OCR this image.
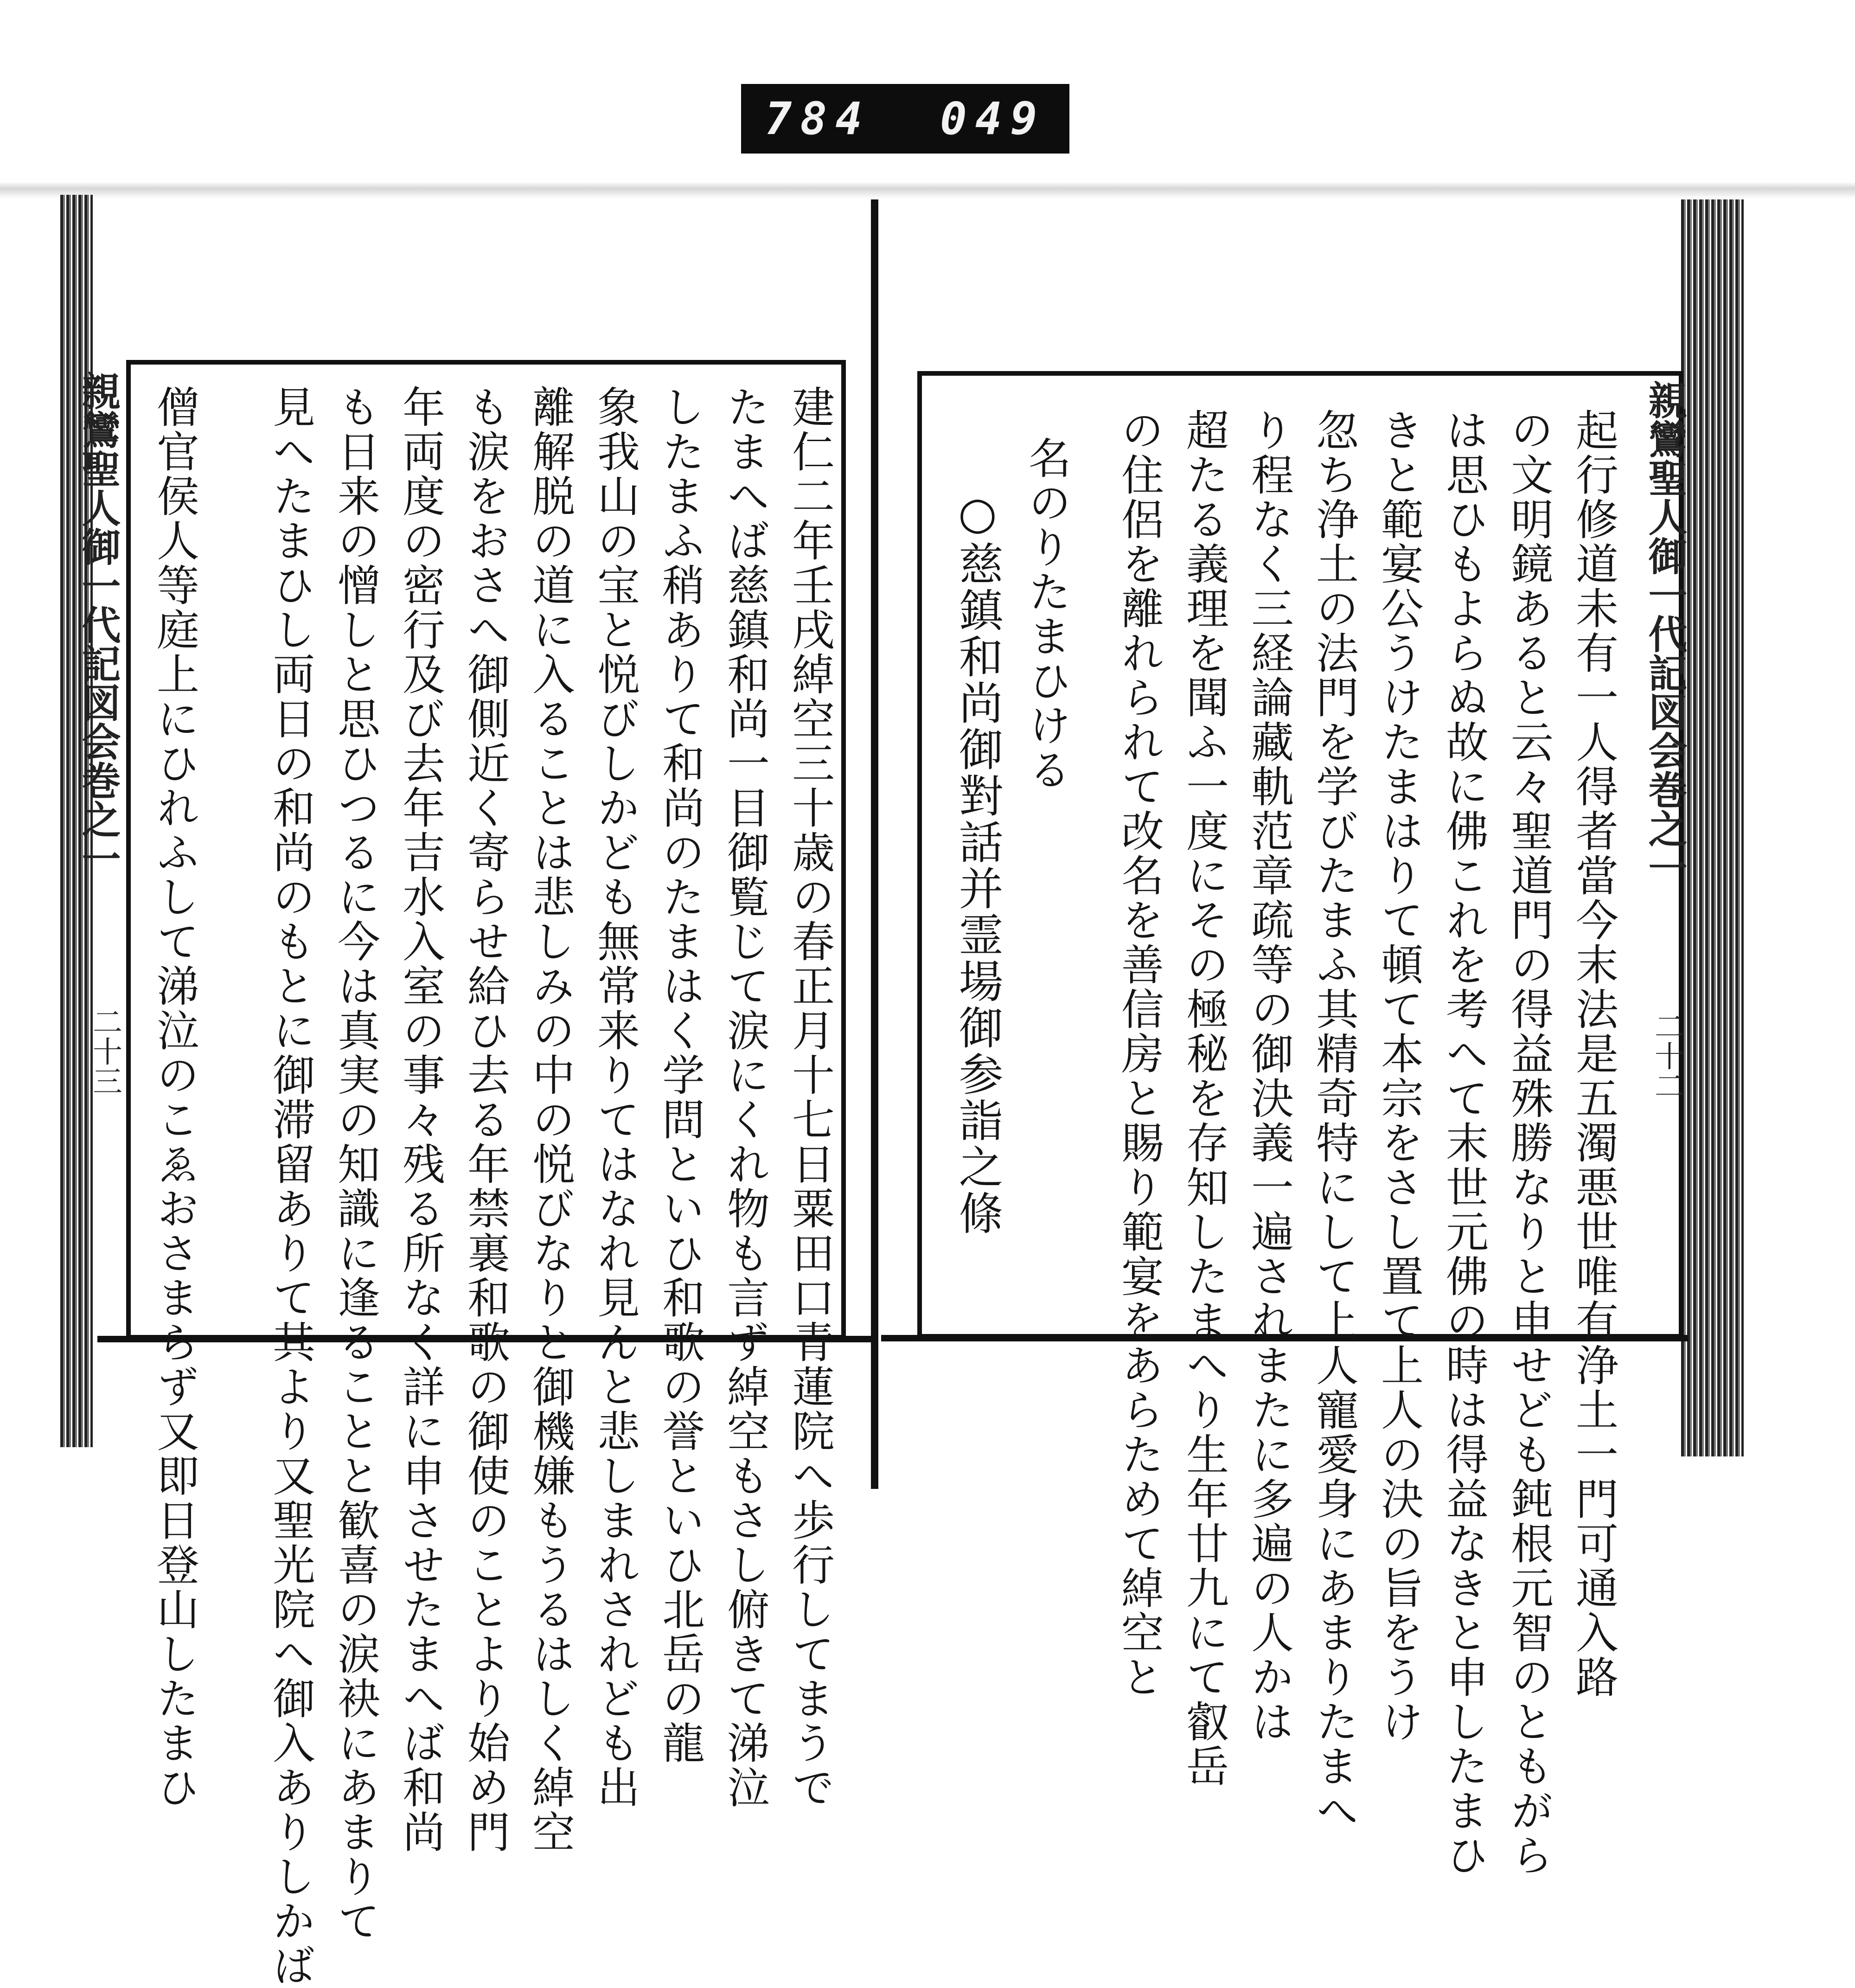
784 049
親鸞聖人御一代記図会巻之一
二十三	建仁二年壬戌綽空三十歳の春正月十七日粟田口青蓮院へ歩行してまうで
たまへば慈鎮和尚一目御覧じて涙にくれ物も言ず綽空もさし俯きて涕泣
したまふ稍ありて和尚のたまはく学問といひ和歌の誉といひ北岳の龍
象我山の宝と悦びしかども無常来りてはなれ見んと悲しまれされども出
離解脱の道に入ることは悲しみの中の悦びなりと御機嫌もうるはしく綽空
も涙をおさへ御側近く寄らせ給ひ去る年禁裏和歌の御使のことより始め門
年両度の密行及び去年吉水入室の事々残る所なく詳に申させたまへば和尚
も日来の憎しと思ひつるに今は真実の知識に逢ることと歓喜の涙袂にあまりて
見へたまひし両日の和尚のもとに御滞留ありて其より又聖光院へ御入ありしかば
僧官侯人等庭上にひれふして涕泣のこゑおさまらず又即日登山したまひ	親鸞聖人御一代記図会巻之一
二十二
起行修道未有一人得者當今末法是五濁悪世唯有浄土一門可通入路
の文明鏡あると云々聖道門の得益殊勝なりと申せども鈍根元智のともがら
は思ひもよらぬ故に佛これを考へて末世元佛の時は得益なきと申したまひ
きと範宴公うけたまはりて頓て本宗をさし置て上人の決の旨をうけ
忽ち浄土の法門を学びたまふ其精奇特にして上人寵愛身にあまりたまへ
り程なく三経論藏軌范章疏等の御決義一遍されまたに多遍の人かは
超たる義理を聞ふ一度にその極秘を存知したまへり生年廿九にて叡岳
の住侶を離れられて改名を善信房と賜り範宴をあらためて綽空と
名のりたまひける
○慈鎮和尚御對話并霊場御参詣之條
